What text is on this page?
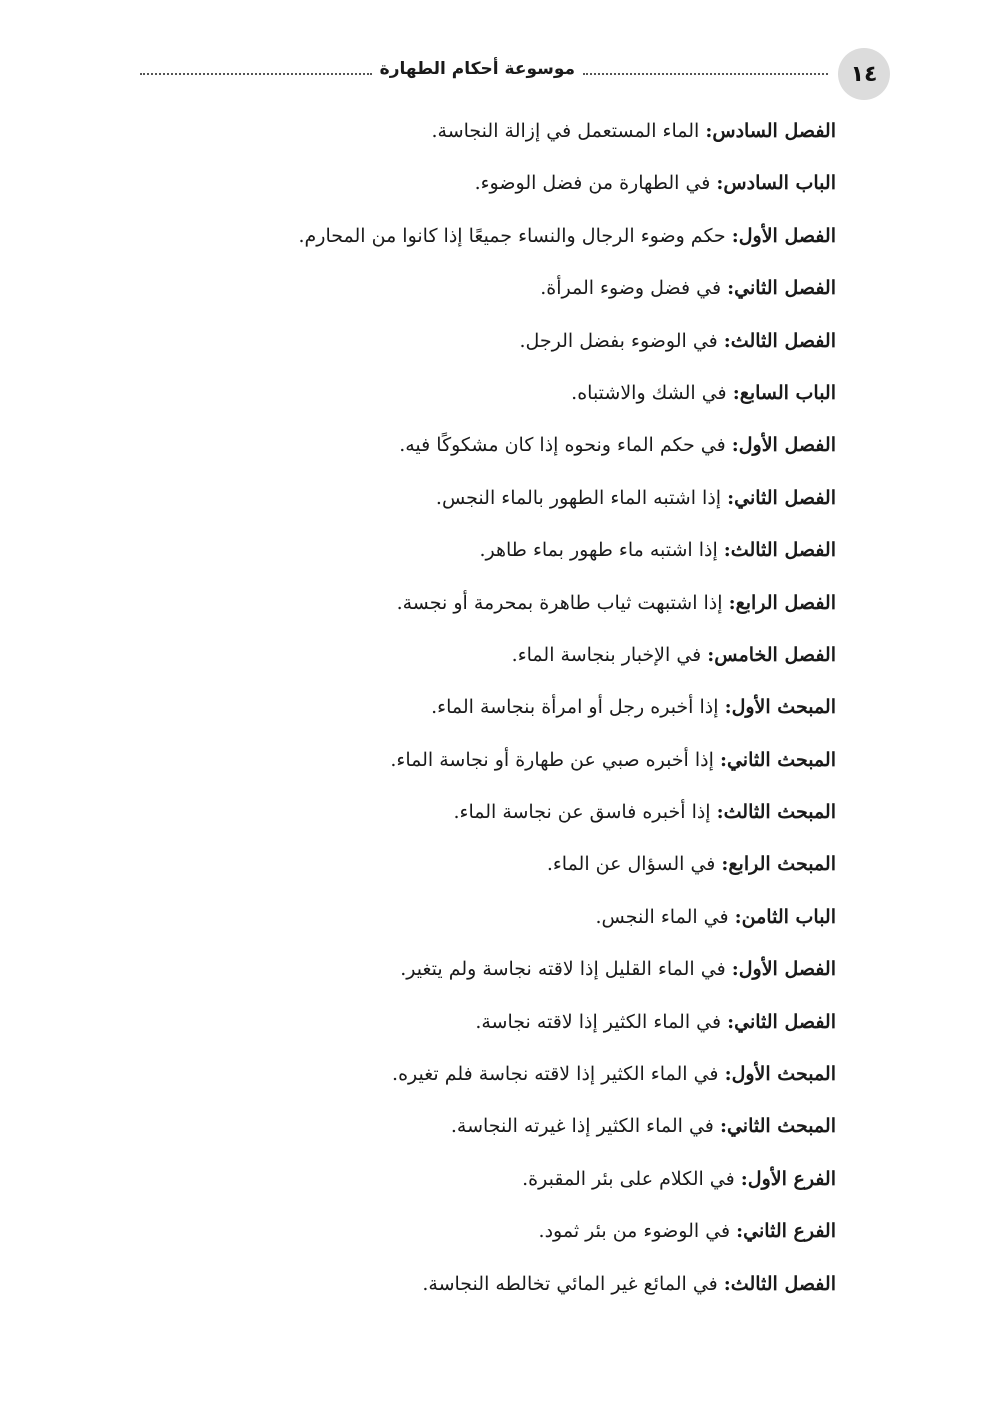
١٤
موسوعة أحكام الطهارة
الفصل السادس: الماء المستعمل في إزالة النجاسة.
الباب السادس: في الطهارة من فضل الوضوء.
الفصل الأول: حكم وضوء الرجال والنساء جميعًا إذا كانوا من المحارم.
الفصل الثاني: في فضل وضوء المرأة.
الفصل الثالث: في الوضوء بفضل الرجل.
الباب السابع: في الشك والاشتباه.
الفصل الأول: في حكم الماء ونحوه إذا كان مشكوكًا فيه.
الفصل الثاني: إذا اشتبه الماء الطهور بالماء النجس.
الفصل الثالث: إذا اشتبه ماء طهور بماء طاهر.
الفصل الرابع: إذا اشتبهت ثياب طاهرة بمحرمة أو نجسة.
الفصل الخامس: في الإخبار بنجاسة الماء.
المبحث الأول: إذا أخبره رجل أو امرأة بنجاسة الماء.
المبحث الثاني: إذا أخبره صبي عن طهارة أو نجاسة الماء.
المبحث الثالث: إذا أخبره فاسق عن نجاسة الماء.
المبحث الرابع: في السؤال عن الماء.
الباب الثامن: في الماء النجس.
الفصل الأول: في الماء القليل إذا لاقته نجاسة ولم يتغير.
الفصل الثاني: في الماء الكثير إذا لاقته نجاسة.
المبحث الأول: في الماء الكثير إذا لاقته نجاسة فلم تغيره.
المبحث الثاني: في الماء الكثير إذا غيرته النجاسة.
الفرع الأول: في الكلام على بئر المقبرة.
الفرع الثاني: في الوضوء من بئر ثمود.
الفصل الثالث: في المائع غير المائي تخالطه النجاسة.
